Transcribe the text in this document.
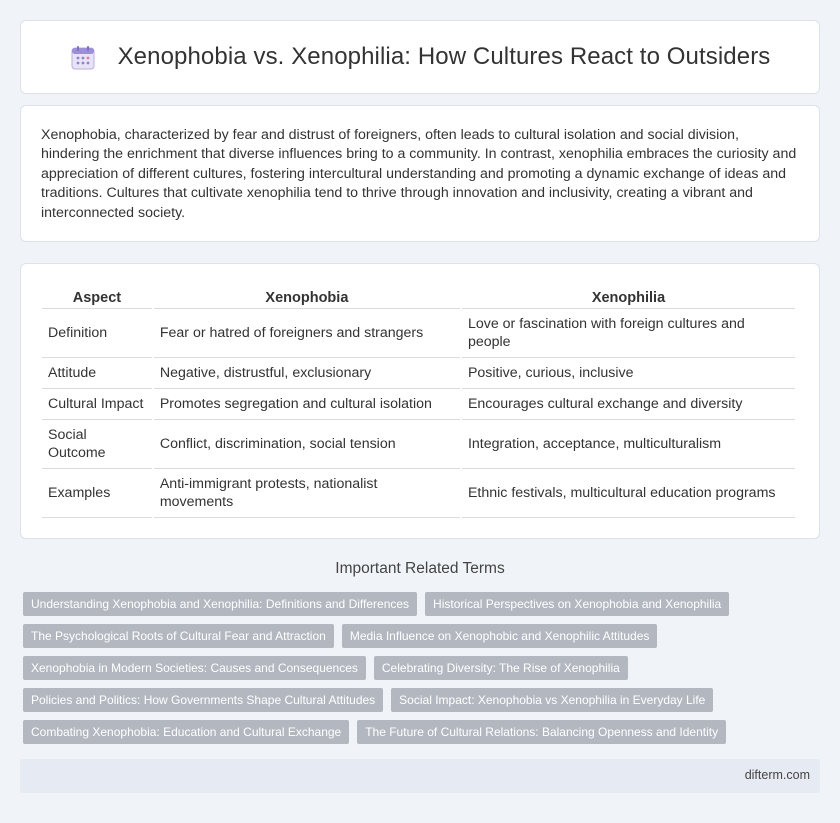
Xenophobia vs. Xenophilia: How Cultures React to Outsiders

Xenophobia, characterized by fear and distrust of foreigners, often leads to cultural isolation and social division, hindering the enrichment that diverse influences bring to a community. In contrast, xenophilia embraces the curiosity and appreciation of different cultures, fostering intercultural understanding and promoting a dynamic exchange of ideas and traditions. Cultures that cultivate xenophilia tend to thrive through innovation and inclusivity, creating a vibrant and interconnected society.

Aspect	Xenophobia	Xenophilia
Definition	Fear or hatred of foreigners and strangers	Love or fascination with foreign cultures and people
Attitude	Negative, distrustful, exclusionary	Positive, curious, inclusive
Cultural Impact	Promotes segregation and cultural isolation	Encourages cultural exchange and diversity
Social Outcome	Conflict, discrimination, social tension	Integration, acceptance, multiculturalism
Examples	Anti-immigrant protests, nationalist movements	Ethnic festivals, multicultural education programs
Important Related Terms
Understanding Xenophobia and Xenophilia: Definitions and Differences	Historical Perspectives on Xenophobia and Xenophilia
The Psychological Roots of Cultural Fear and Attraction	Media Influence on Xenophobic and Xenophilic Attitudes
Xenophobia in Modern Societies: Causes and Consequences	Celebrating Diversity: The Rise of Xenophilia
Policies and Politics: How Governments Shape Cultural Attitudes	Social Impact: Xenophobia vs Xenophilia in Everyday Life
Combating Xenophobia: Education and Cultural Exchange	The Future of Cultural Relations: Balancing Openness and Identity
difterm.com
